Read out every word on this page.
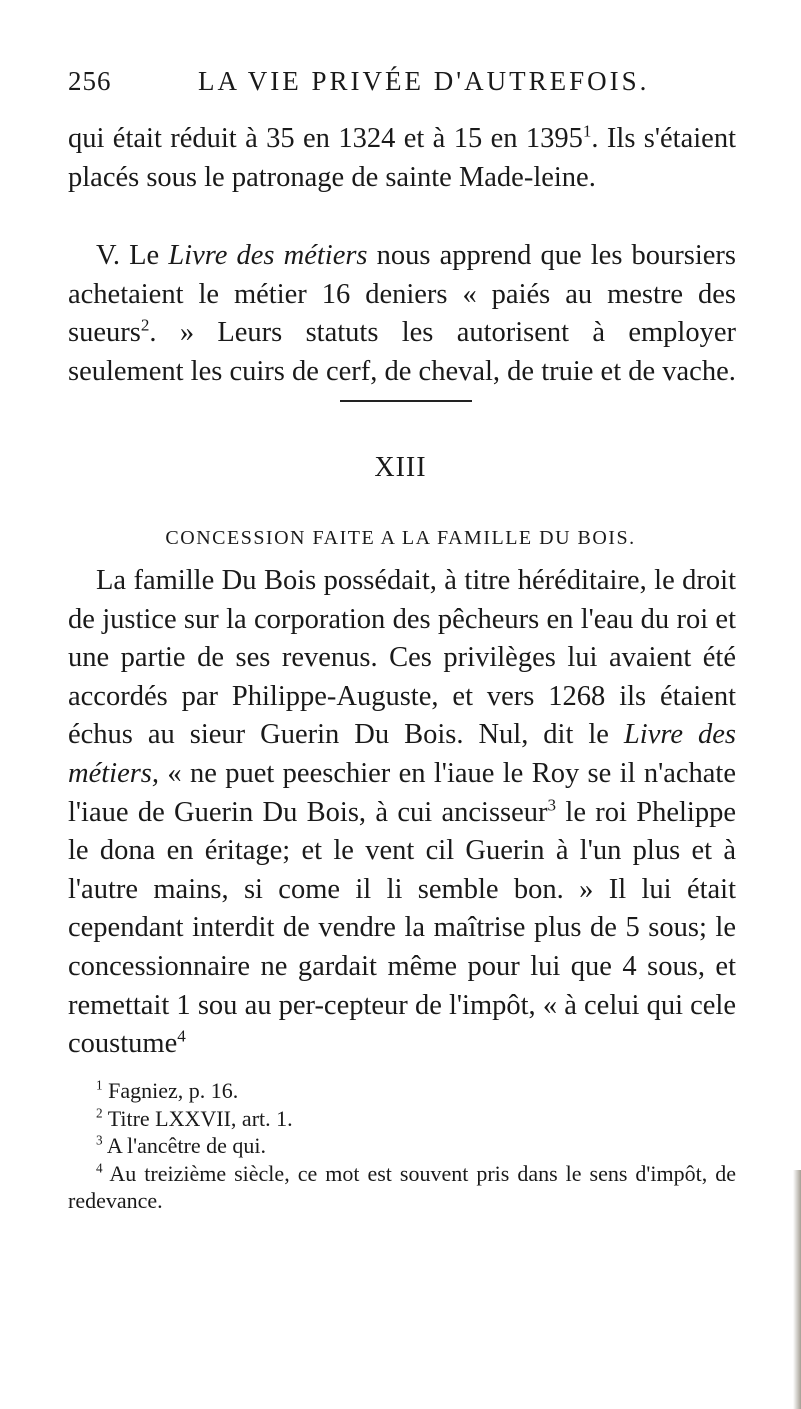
256	LA VIE PRIVÉE D'AUTREFOIS.

qui était réduit à 35 en 1324 et à 15 en 1395$^1$. Ils s'étaient placés sous le patronage de sainte Made-leine.

V. Le Livre des métiers nous apprend que les boursiers achetaient le métier 16 deniers « paiés au mestre des sueurs$^2$. » Leurs statuts les autorisent à employer seulement les cuirs de cerf, de cheval, de truie et de vache.

XIII
CONCESSION FAITE A LA FAMILLE DU BOIS.

La famille Du Bois possédait, à titre héréditaire, le droit de justice sur la corporation des pêcheurs en l'eau du roi et une partie de ses revenus. Ces privilèges lui avaient été accordés par Philippe-Auguste, et vers 1268 ils étaient échus au sieur Guerin Du Bois. Nul, dit le Livre des métiers, « ne puet peeschier en l'iaue le Roy se il n'achate l'iaue de Guerin Du Bois, à cui ancisseur$^3$ le roi Phelippe le dona en éritage; et le vent cil Guerin à l'un plus et à l'autre mains, si come il li semble bon. » Il lui était cependant interdit de vendre la maîtrise plus de 5 sous; le concessionnaire ne gardait même pour lui que 4 sous, et remettait 1 sou au per-cepteur de l'impôt, « à celui qui cele coustume$^4$

$^1$ Fagniez, p. 16.

$^2$ Titre LXXVII, art. 1.

$^3$ A l'ancêtre de qui.

$^4$ Au treizième siècle, ce mot est souvent pris dans le sens d'impôt, de redevance.
